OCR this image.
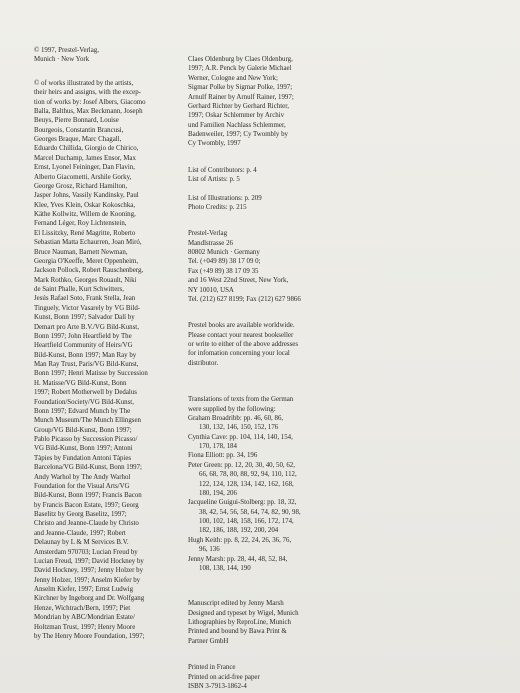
© 1997, Prestel-Verlag,
Munich · New York
© of works illustrated by the artists,
their heirs and assigns, with the excep-
tion of works by: Josef Albers, Giacomo
Balla, Balthus, Max Beckmann, Joseph
Beuys, Pierre Bonnard, Louise
Bourgeois, Constantin Brancusi,
Georges Braque, Marc Chagall,
Eduardo Chillida, Giorgio de Chirico,
Marcel Duchamp, James Ensor, Max
Ernst, Lyonel Feininger, Dan Flavin,
Alberto Giacometti, Arshile Gorky,
George Grosz, Richard Hamilton,
Jasper Johns, Vassily Kandinsky, Paul
Klee, Yves Klein, Oskar Kokoschka,
Käthe Kollwitz, Willem de Kooning,
Fernand Léger, Roy Lichtenstein,
El Lissitzky, René Magritte, Roberto
Sebastian Matta Echaurren, Joan Miró,
Bruce Nauman, Barnett Newman,
Georgia O'Keeffe, Meret Oppenheim,
Jackson Pollock, Robert Rauschenberg,
Mark Rothko, Georges Rouault, Niki
de Saint Phalle, Kurt Schwitters,
Jesús Rafael Soto, Frank Stella, Jean
Tinguely, Victor Vasarely by VG Bild-
Kunst, Bonn 1997; Salvador Dalí by
Demart pro Arte B.V./VG Bild-Kunst,
Bonn 1997; John Heartfield by The
Heartfield Community of Heirs/VG
Bild-Kunst, Bonn 1997; Man Ray by
Man Ray Trust, Paris/VG Bild-Kunst,
Bonn 1997; Henri Matisse by Succession
H. Matisse/VG Bild-Kunst, Bonn
1997; Robert Motherwell by Dedalus
Foundation/Society/VG Bild-Kunst,
Bonn 1997; Edvard Munch by The
Munch Museum/The Munch Ellingsen
Group/VG Bild-Kunst, Bonn 1997;
Pablo Picasso by Succession Picasso/
VG Bild-Kunst, Bonn 1997; Antoni
Tàpies by Fundation Antoni Tàpies
Barcelona/VG Bild-Kunst, Bonn 1997;
Andy Warhol by The Andy Warhol
Foundation for the Visual Arts/VG
Bild-Kunst, Bonn 1997; Francis Bacon
by Francis Bacon Estate, 1997; Georg
Baselitz by Georg Baselitz, 1997;
Christo and Jeanne-Claude by Christo
and Jeanne-Claude, 1997; Robert
Delaunay by L & M Services B.V.
Amsterdam 970703; Lucian Freud by
Lucian Freud, 1997; David Hockney by
David Hockney, 1997; Jenny Holzer by
Jenny Holzer, 1997; Anselm Kiefer by
Anselm Kiefer, 1997; Ernst Ludwig
Kirchner by Ingeborg and Dr. Wolfgang
Henze, Wichtrach/Bern, 1997; Piet
Mondrian by ABC/Mondrian Estate/
Holtzman Trust, 1997; Henry Moore
by The Henry Moore Foundation, 1997;
Claes Oldenburg by Claes Oldenburg,
1997; A.R. Penck by Galerie Michael
Werner, Cologne and New York;
Sigmar Polke by Sigmar Polke, 1997;
Arnulf Rainer by Arnulf Rainer, 1997;
Gerhard Richter by Gerhard Richter,
1997; Oskar Schlemmer by Archiv
und Familien Nachlass Schlemmer,
Badenweiler, 1997; Cy Twombly by
Cy Twombly, 1997
List of Contributors: p. 4
List of Artists: p. 5
List of Illustrations: p. 209
Photo Credits: p. 215
Prestel-Verlag
Mandlstrasse 26
80802 Munich · Germany
Tel. (+049 89) 38 17 09 0;
Fax (+49 89) 38 17 09 35
and 16 West 22nd Street, New York,
NY 10010, USA
Tel. (212) 627 8199; Fax (212) 627 9866
Prestel books are available worldwide.
Please contact your nearest bookseller
or write to either of the above addresses
for infomation concerning your local
distributor.
Translations of texts from the German
were supplied by the following:
Graham Broadribb: pp. 46, 60, 86,
130, 132, 146, 150, 152, 176
Cynthia Cave: pp. 104, 114, 140, 154,
170, 178, 184
Fiona Elliott: pp. 34, 196
Peter Green: pp. 12, 20, 30, 40, 50, 62,
66, 68, 78, 80, 88, 92, 94, 110, 112,
122, 124, 128, 134, 142, 162, 168,
180, 194, 206
Jacqueline Guigui-Stolberg: pp. 18, 32,
38, 42, 54, 56, 58, 64, 74, 82, 90, 98,
100, 102, 148, 158, 166, 172, 174,
182, 186, 188, 192, 200, 204
Hugh Keith: pp. 8, 22, 24, 26, 36, 76,
96, 136
Jenny Marsh: pp. 28, 44, 48, 52, 84,
108, 138, 144, 190
Manuscript edited by Jenny Marsh
Designed and typeset by Wigel, Munich
Lithographies by ReproLine, Munich
Printed and bound by Bawa Print &
Partner GmbH
Printed in France
Printed on acid-free paper
ISBN 3-7913-1862-4
